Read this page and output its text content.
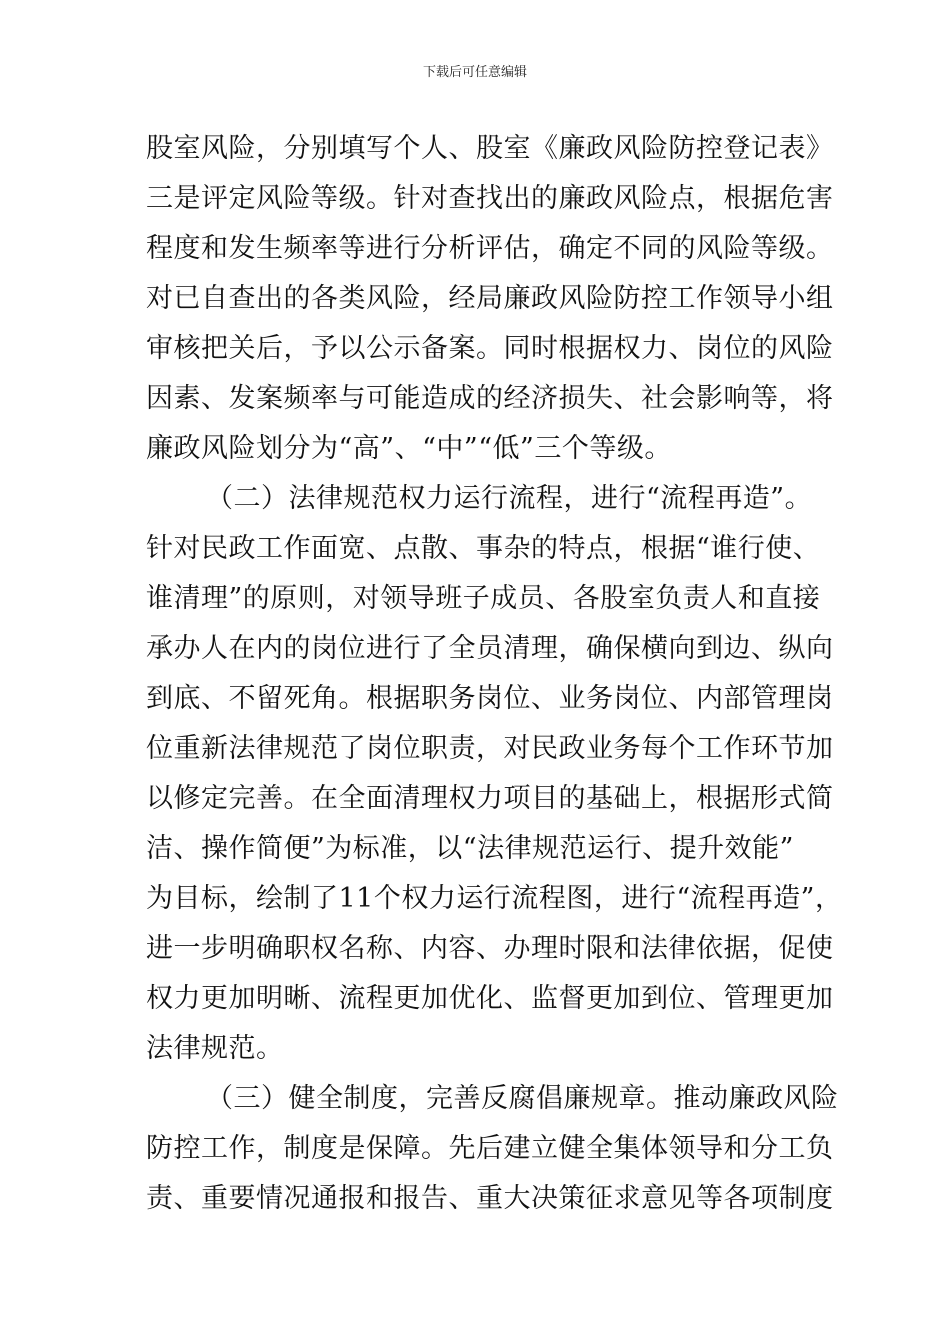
下载后可任意编辑
股室风险，分别填写个人、股室《廉政风险防控登记表》
三是评定风险等级。针对查找出的廉政风险点，根据危害
程度和发生频率等进行分析评估，确定不同的风险等级。
对已自查出的各类风险，经局廉政风险防控工作领导小组
审核把关后，予以公示备案。同时根据权力、岗位的风险
因素、发案频率与可能造成的经济损失、社会影响等，将
廉政风险划分为“高”、“中”“低”三个等级。
（二）法律规范权力运行流程，进行“流程再造”。
针对民政工作面宽、点散、事杂的特点，根据“谁行使、
谁清理”的原则，对领导班子成员、各股室负责人和直接
承办人在内的岗位进行了全员清理，确保横向到边、纵向
到底、不留死角。根据职务岗位、业务岗位、内部管理岗
位重新法律规范了岗位职责，对民政业务每个工作环节加
以修定完善。在全面清理权力项目的基础上，根据形式简
洁、操作简便”为标准，以“法律规范运行、提升效能”
为目标，绘制了11个权力运行流程图，进行“流程再造”，
进一步明确职权名称、内容、办理时限和法律依据，促使
权力更加明晰、流程更加优化、监督更加到位、管理更加
法律规范。
（三）健全制度，完善反腐倡廉规章。推动廉政风险
防控工作，制度是保障。先后建立健全集体领导和分工负
责、重要情况通报和报告、重大决策征求意见等各项制度
